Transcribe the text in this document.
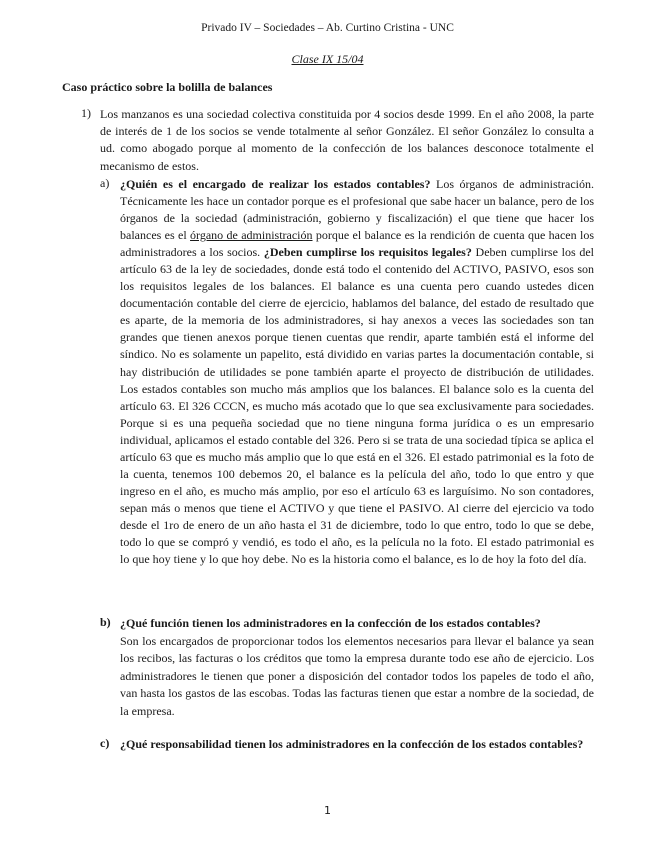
Privado IV – Sociedades – Ab. Curtino Cristina - UNC
Clase IX 15/04
Caso práctico sobre la bolilla de balances
1) Los manzanos es una sociedad colectiva constituida por 4 socios desde 1999. En el año 2008, la parte de interés de 1 de los socios se vende totalmente al señor González. El señor González lo consulta a ud. como abogado porque al momento de la confección de los balances desconoce totalmente el mecanismo de estos.
a) ¿Quién es el encargado de realizar los estados contables? Los órganos de administración. Técnicamente les hace un contador porque es el profesional que sabe hacer un balance, pero de los órganos de la sociedad (administración, gobierno y fiscalización) el que tiene que hacer los balances es el órgano de administración porque el balance es la rendición de cuenta que hacen los administradores a los socios. ¿Deben cumplirse los requisitos legales? Deben cumplirse los del artículo 63 de la ley de sociedades, donde está todo el contenido del ACTIVO, PASIVO, esos son los requisitos legales de los balances. El balance es una cuenta pero cuando ustedes dicen documentación contable del cierre de ejercicio, hablamos del balance, del estado de resultado que es aparte, de la memoria de los administradores, si hay anexos a veces las sociedades son tan grandes que tienen anexos porque tienen cuentas que rendir, aparte también está el informe del síndico. No es solamente un papelito, está dividido en varias partes la documentación contable, si hay distribución de utilidades se pone también aparte el proyecto de distribución de utilidades. Los estados contables son mucho más amplios que los balances. El balance solo es la cuenta del artículo 63. El 326 CCCN, es mucho más acotado que lo que sea exclusivamente para sociedades. Porque si es una pequeña sociedad que no tiene ninguna forma jurídica o es un empresario individual, aplicamos el estado contable del 326. Pero si se trata de una sociedad típica se aplica el artículo 63 que es mucho más amplio que lo que está en el 326. El estado patrimonial es la foto de la cuenta, tenemos 100 debemos 20, el balance es la película del año, todo lo que entro y que ingreso en el año, es mucho más amplio, por eso el artículo 63 es larguísimo. No son contadores, sepan más o menos que tiene el ACTIVO y que tiene el PASIVO. Al cierre del ejercicio va todo desde el 1ro de enero de un año hasta el 31 de diciembre, todo lo que entro, todo lo que se debe, todo lo que se compró y vendió, es todo el año, es la película no la foto. El estado patrimonial es lo que hoy tiene y lo que hoy debe. No es la historia como el balance, es lo de hoy la foto del día.
b) ¿Qué función tienen los administradores en la confección de los estados contables?
Son los encargados de proporcionar todos los elementos necesarios para llevar el balance ya sean los recibos, las facturas o los créditos que tomo la empresa durante todo ese año de ejercicio. Los administradores le tienen que poner a disposición del contador todos los papeles de todo el año, van hasta los gastos de las escobas. Todas las facturas tienen que estar a nombre de la sociedad, de la empresa.
c) ¿Qué responsabilidad tienen los administradores en la confección de los estados contables?
1
